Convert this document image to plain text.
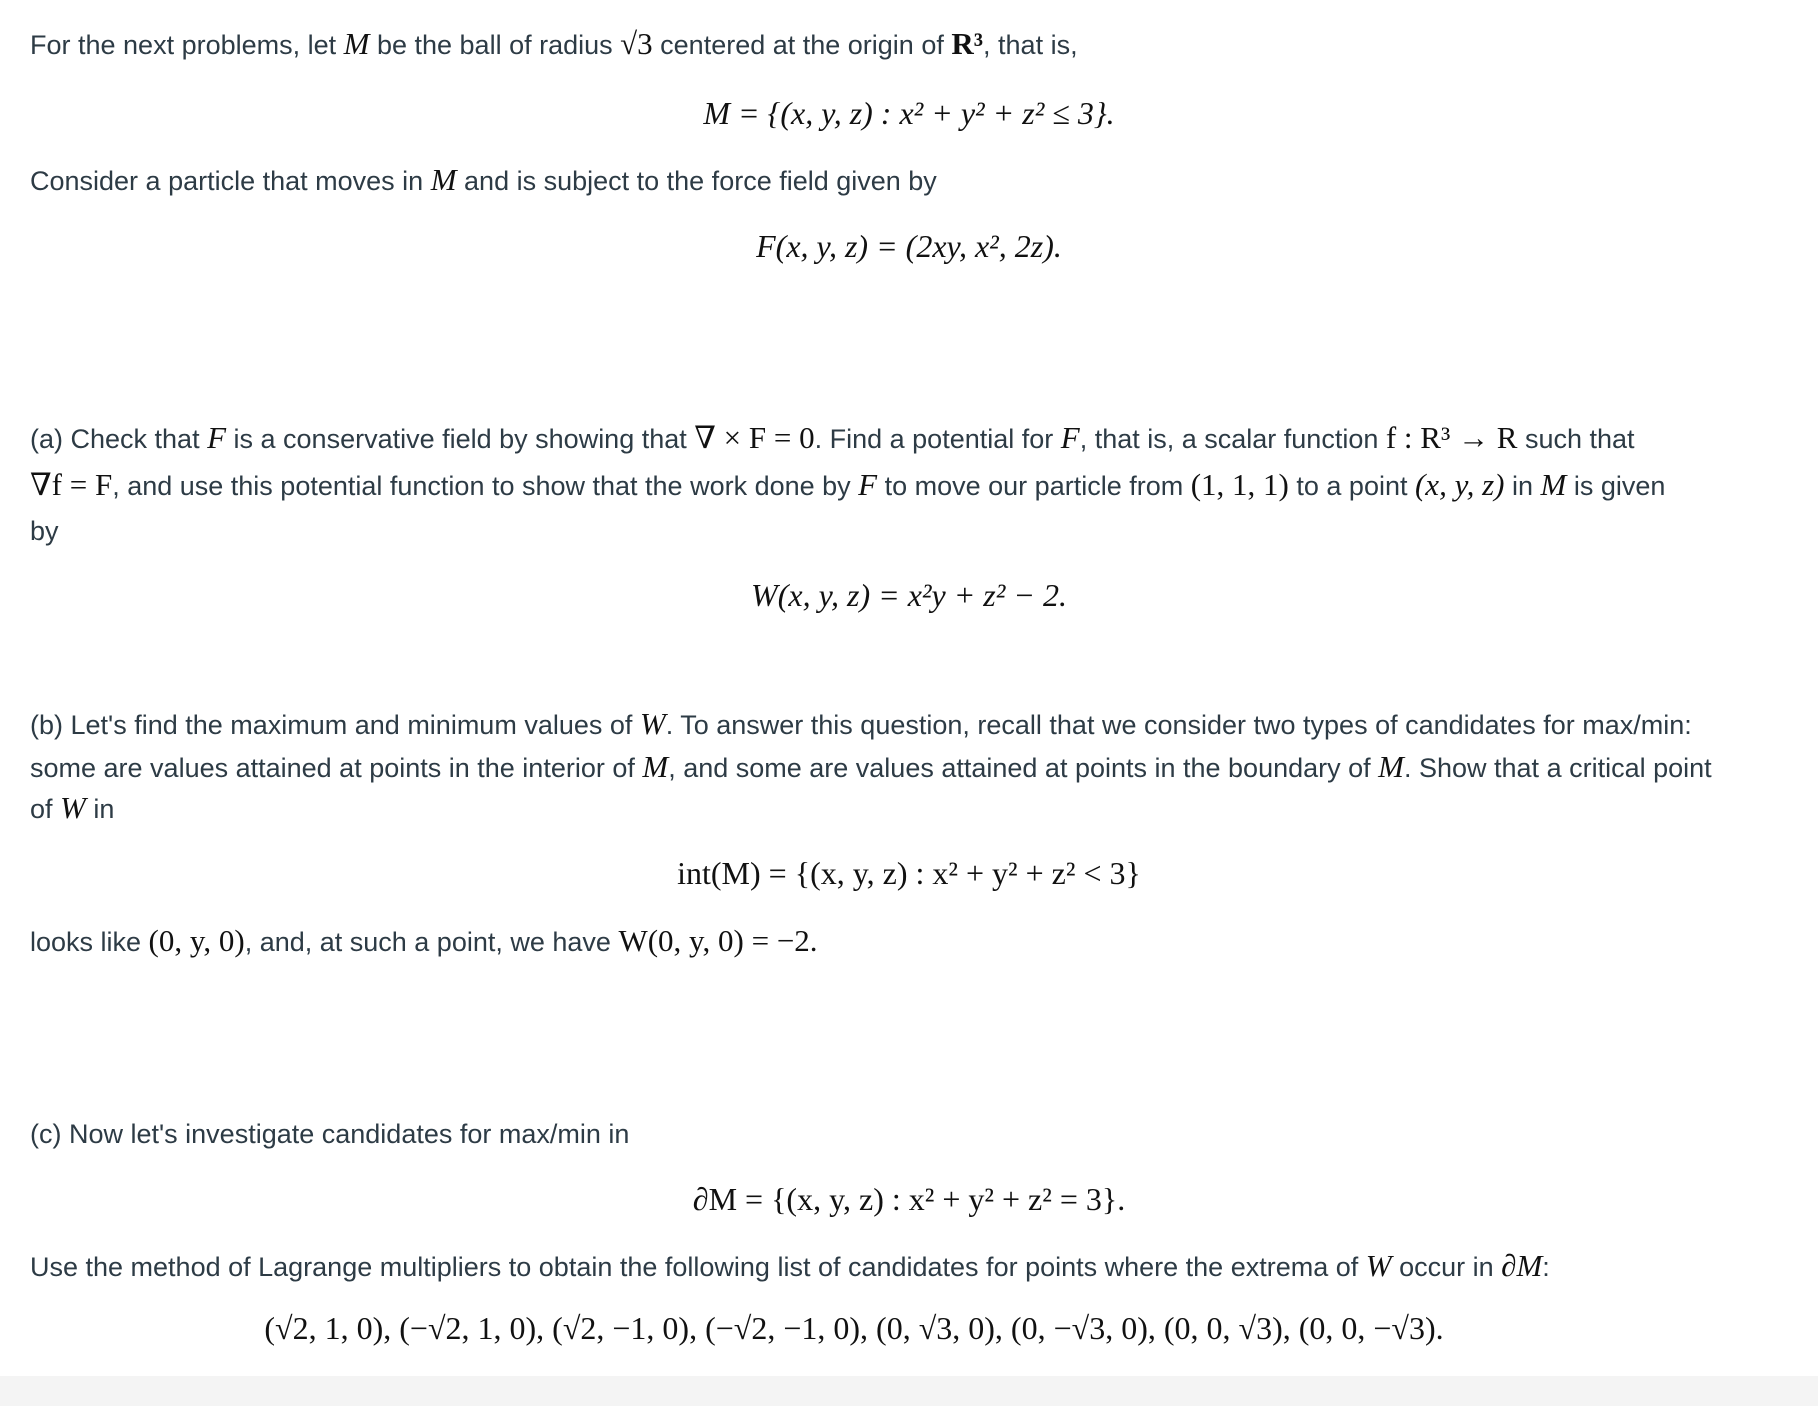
For the next problems, let M be the ball of radius √3 centered at the origin of R³, that is,
M = {(x, y, z) : x² + y² + z² ≤ 3}.
Consider a particle that moves in M and is subject to the force field given by
F(x, y, z) = (2xy, x², 2z).
(a) Check that F is a conservative field by showing that ∇ × F = 0. Find a potential for F, that is, a scalar function f : R³ → R such that
∇f = F, and use this potential function to show that the work done by F to move our particle from (1, 1, 1) to a point (x, y, z) in M is given
by
W(x, y, z) = x²y + z² − 2.
(b) Let's find the maximum and minimum values of W. To answer this question, recall that we consider two types of candidates for max/min:
some are values attained at points in the interior of M, and some are values attained at points in the boundary of M. Show that a critical point
of W in
int(M) = {(x, y, z) : x² + y² + z² < 3}
looks like (0, y, 0), and, at such a point, we have W(0, y, 0) = −2.
(c) Now let's investigate candidates for max/min in
∂M = {(x, y, z) : x² + y² + z² = 3}.
Use the method of Lagrange multipliers to obtain the following list of candidates for points where the extrema of W occur in ∂M:
(√2, 1, 0), (−√2, 1, 0), (√2, −1, 0), (−√2, −1, 0), (0, √3, 0), (0, −√3, 0), (0, 0, √3), (0, 0, −√3).
